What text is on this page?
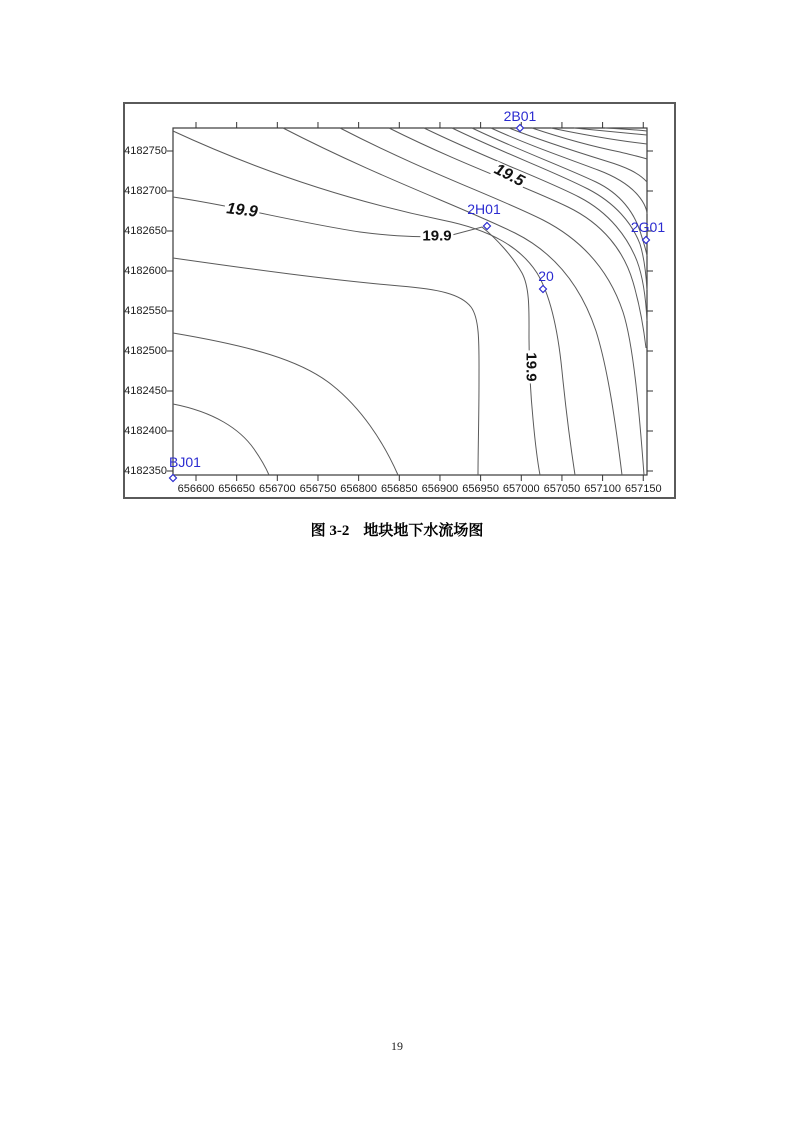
656600 656650 656700 656750 656800 656850 656900 656950 657000 657050 657100 657150
4182750
4182700
4182650
4182600
4182550
4182500
4182450
4182400
4182350
2B01
2H01
2G01
20
BJ01
19.9
19.9
19.5
19.9
图 3-2 地块地下水流场图
19
